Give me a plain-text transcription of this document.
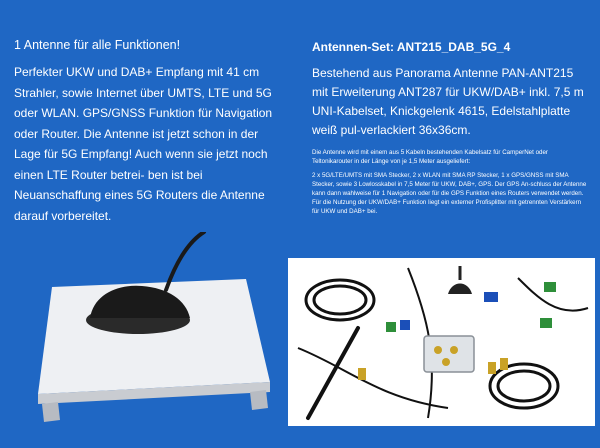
1 Antenne für alle Funktionen!

Perfekter UKW und DAB+ Empfang mit 41 cm Strahler, sowie Internet über UMTS, LTE und 5G oder WLAN. GPS/GNSS Funktion für Navigation oder Router. Die Antenne ist jetzt schon in der Lage für 5G Empfang! Auch wenn sie jetzt noch einen LTE Router betrei- ben ist bei Neuanschaffung eines 5G Routers die Antenne darauf vorbereitet.

Antennen-Set: ANT215_DAB_5G_4

Bestehend aus Panorama Antenne PAN-ANT215 mit Erweiterung ANT287 für UKW/DAB+ inkl. 7,5 m UNI-Kabelset, Knickgelenk 4615, Edelstahlplatte weiß pul-verlackiert 36x36cm.

Die Antenne wird mit einem aus 5 Kabeln bestehenden Kabelsatz für CamperNet oder Teltonikarouter in der Länge von je 1,5 Meter ausgeliefert:

2 x 5G/LTE/UMTS mit SMA Stecker, 2 x WLAN mit SMA RP Stecker, 1 x GPS/GNSS mit SMA Stecker, sowie 3 Lowlosskabel in 7,5 Meter für UKW, DAB+, GPS. Der GPS An-schluss der Antenne kann dann wahlweise für 1 Navigation oder für die GPS Funktion eines Routers verwendet werden. Für die Nutzung der UKW/DAB+ Funktion liegt ein externer Profisplitter mit getrennten Verstärkern für UKW und DAB+ bei.
